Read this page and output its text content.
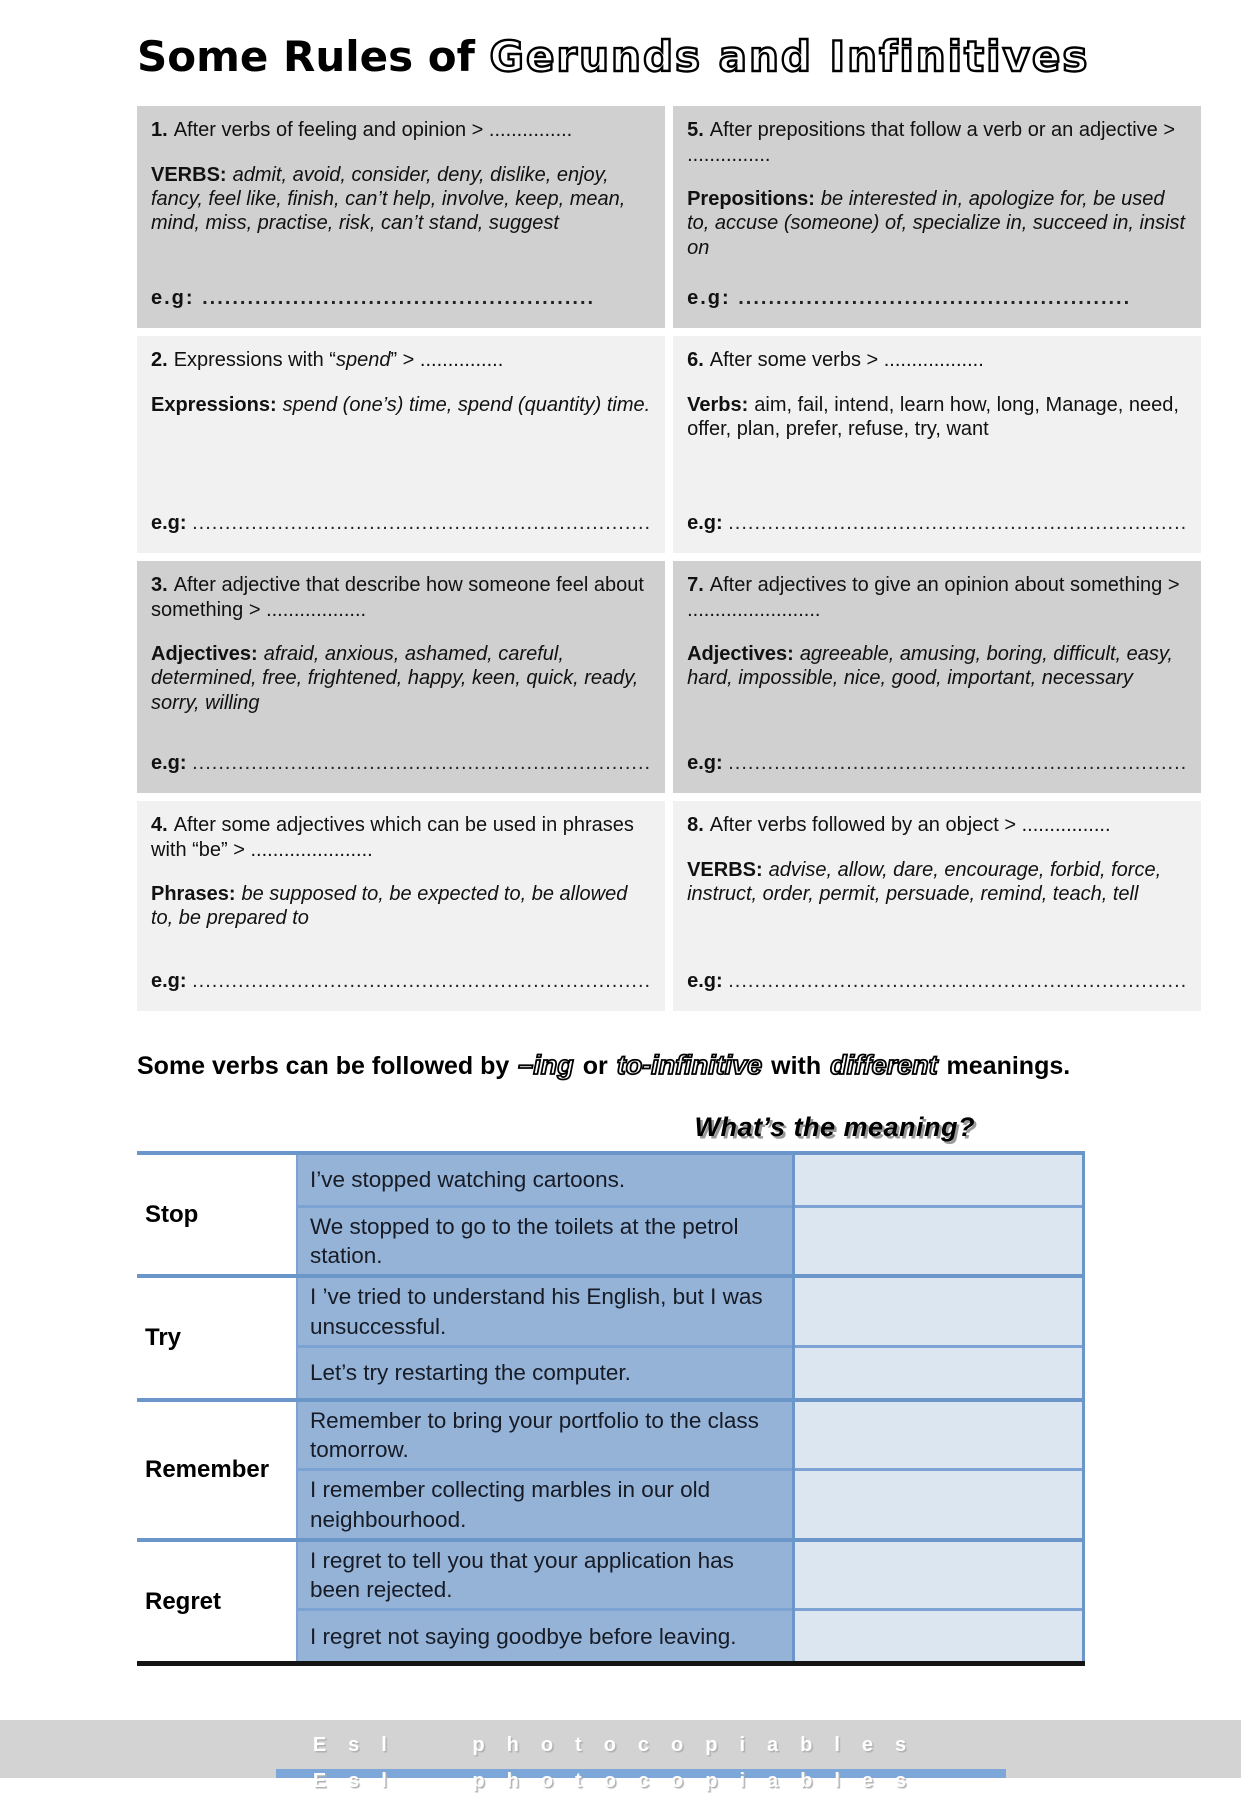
Some Rules of Gerunds and Infinitives
1. After verbs of feeling and opinion > ...............
VERBS: admit, avoid, consider, deny, dislike, enjoy, fancy, feel like, finish, can’t help, involve, keep, mean, mind, miss, practise, risk, can’t stand, suggest
e.g: ....................................................
5. After prepositions that follow a verb or an adjective > ...............
Prepositions: be interested in, apologize for, be used to, accuse (someone) of, specialize in, succeed in, insist on
e.g: ....................................................
2. Expressions with “spend” > ...............
Expressions: spend (one’s) time, spend (quantity) time.
e.g: ......................................................................
6. After some verbs > ..................
Verbs: aim, fail, intend, learn how, long, Manage, need, offer, plan, prefer, refuse, try, want
e.g: ......................................................................
3. After adjective that describe how someone feel about something > ..................
Adjectives: afraid, anxious, ashamed, careful, determined, free, frightened, happy, keen, quick, ready, sorry, willing
e.g: ......................................................................
7. After adjectives to give an opinion about something > ........................
Adjectives: agreeable, amusing, boring, difficult, easy, hard, impossible, nice, good, important, necessary
e.g: ......................................................................
4. After some adjectives which can be used in phrases with “be” > ......................
Phrases: be supposed to, be expected to, be allowed to, be prepared to
e.g: ......................................................................
8. After verbs followed by an object > ................
VERBS: advise, allow, dare, encourage, forbid, force, instruct, order, permit, persuade, remind, teach, tell
e.g: ......................................................................

Some verbs can be followed by –ing or to-infinitive with different meanings.

What’s the meaning?
Stop	I’ve stopped watching cartoons.	
	We stopped to go to the toilets at the petrol station.	
Try	I ’ve tried to understand his English, but I was unsuccessful.	
	Let’s try restarting the computer.	
Remember	Remember to bring your portfolio to the class tomorrow.	
	I remember collecting marbles in our old neighbourhood.	
Regret	I regret to tell you that your application has been rejected.	
	I regret not saying goodbye before leaving.	
Esl photocopiables
Esl photocopiables
